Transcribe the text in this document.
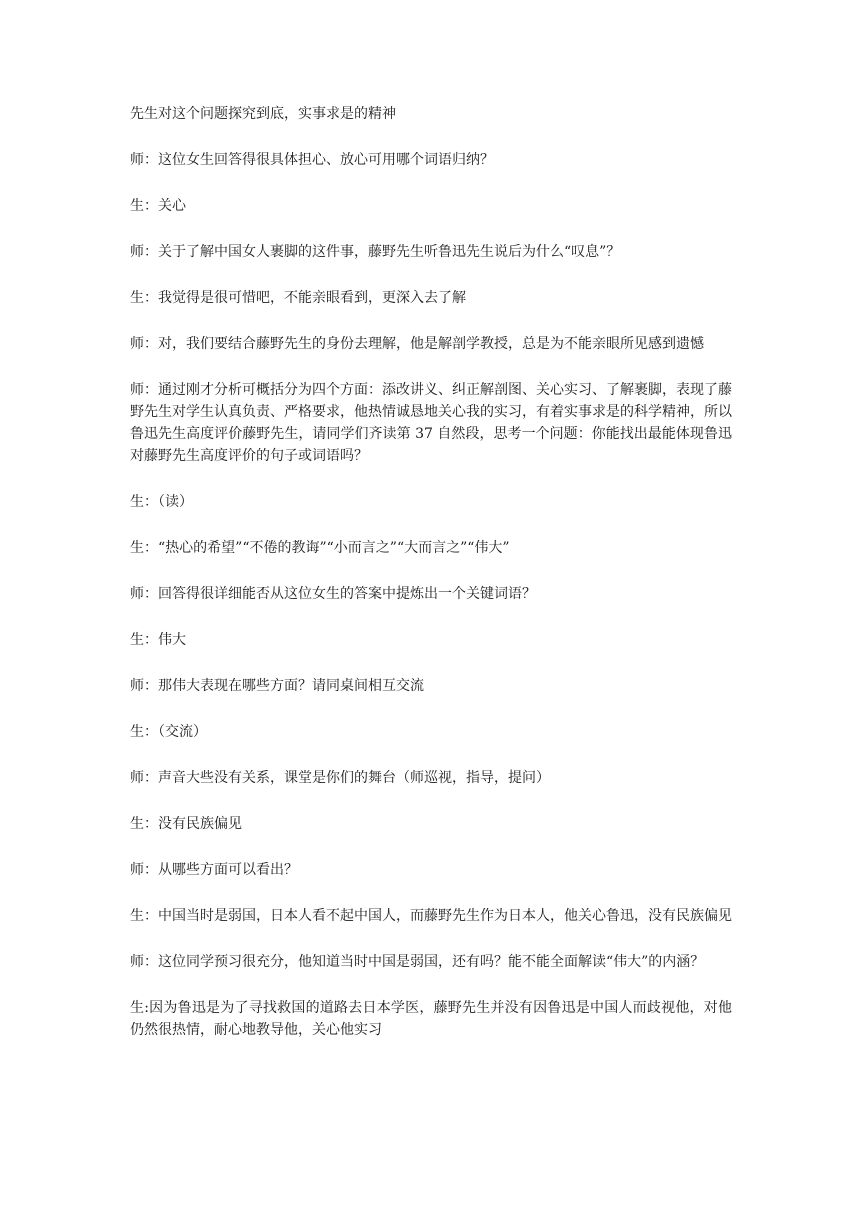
先生对这个问题探究到底，实事求是的精神

师：这位女生回答得很具体担心、放心可用哪个词语归纳？

生：关心

师：关于了解中国女人裹脚的这件事，藤野先生听鲁迅先生说后为什么“叹息”？

生：我觉得是很可惜吧，不能亲眼看到，更深入去了解

师：对，我们要结合藤野先生的身份去理解，他是解剖学教授，总是为不能亲眼所见感到遗憾

师：通过刚才分析可概括分为四个方面：添改讲义、纠正解剖图、关心实习、了解裹脚，表现了藤野先生对学生认真负责、严格要求，他热情诚恳地关心我的实习，有着实事求是的科学精神，所以鲁迅先生高度评价藤野先生，请同学们齐读第 37 自然段，思考一个问题：你能找出最能体现鲁迅对藤野先生高度评价的句子或词语吗？

生：（读）

生：“热心的希望”“不倦的教诲”“小而言之”“大而言之”“伟大”

师：回答得很详细能否从这位女生的答案中提炼出一个关键词语？

生：伟大

师：那伟大表现在哪些方面？请同桌间相互交流

生：（交流）

师：声音大些没有关系，课堂是你们的舞台（师巡视，指导，提问）

生：没有民族偏见

师：从哪些方面可以看出？

生：中国当时是弱国，日本人看不起中国人，而藤野先生作为日本人，他关心鲁迅，没有民族偏见

师：这位同学预习很充分，他知道当时中国是弱国，还有吗？能不能全面解读“伟大”的内涵？

生:因为鲁迅是为了寻找救国的道路去日本学医，藤野先生并没有因鲁迅是中国人而歧视他，对他仍然很热情，耐心地教导他，关心他实习
